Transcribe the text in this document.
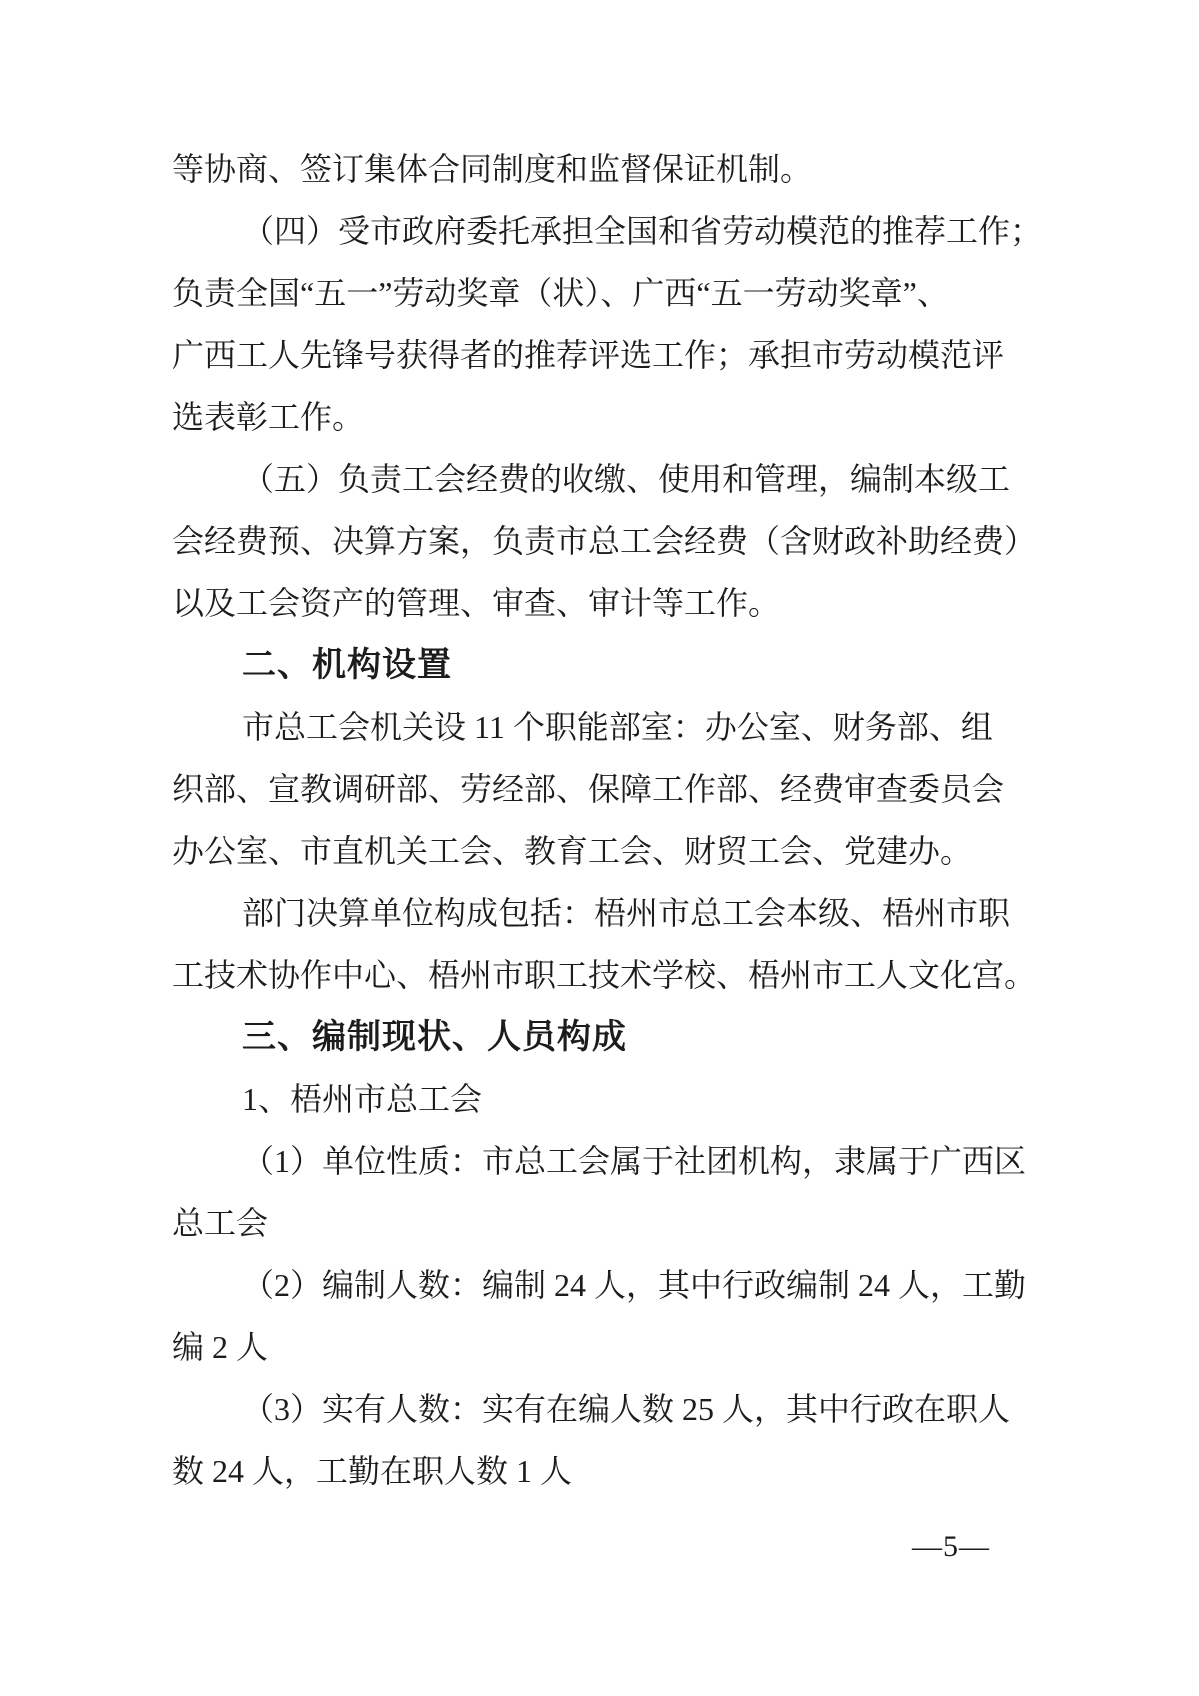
等协商、签订集体合同制度和监督保证机制。
（四）受市政府委托承担全国和省劳动模范的推荐工作；
负责全国“五一”劳动奖章（状）、广西“五一劳动奖章”、
广西工人先锋号获得者的推荐评选工作；承担市劳动模范评
选表彰工作。
（五）负责工会经费的收缴、使用和管理，编制本级工
会经费预、决算方案，负责市总工会经费（含财政补助经费）
以及工会资产的管理、审查、审计等工作。
二、机构设置
市总工会机关设 11 个职能部室：办公室、财务部、组
织部、宣教调研部、劳经部、保障工作部、经费审查委员会
办公室、市直机关工会、教育工会、财贸工会、党建办。
部门决算单位构成包括：梧州市总工会本级、梧州市职
工技术协作中心、梧州市职工技术学校、梧州市工人文化宫。
三、编制现状、人员构成
1、梧州市总工会
（1）单位性质：市总工会属于社团机构，隶属于广西区
总工会
（2）编制人数：编制 24 人，其中行政编制 24 人，工勤
编 2 人
（3）实有人数：实有在编人数 25 人，其中行政在职人
数 24 人，工勤在职人数 1 人
—5—
